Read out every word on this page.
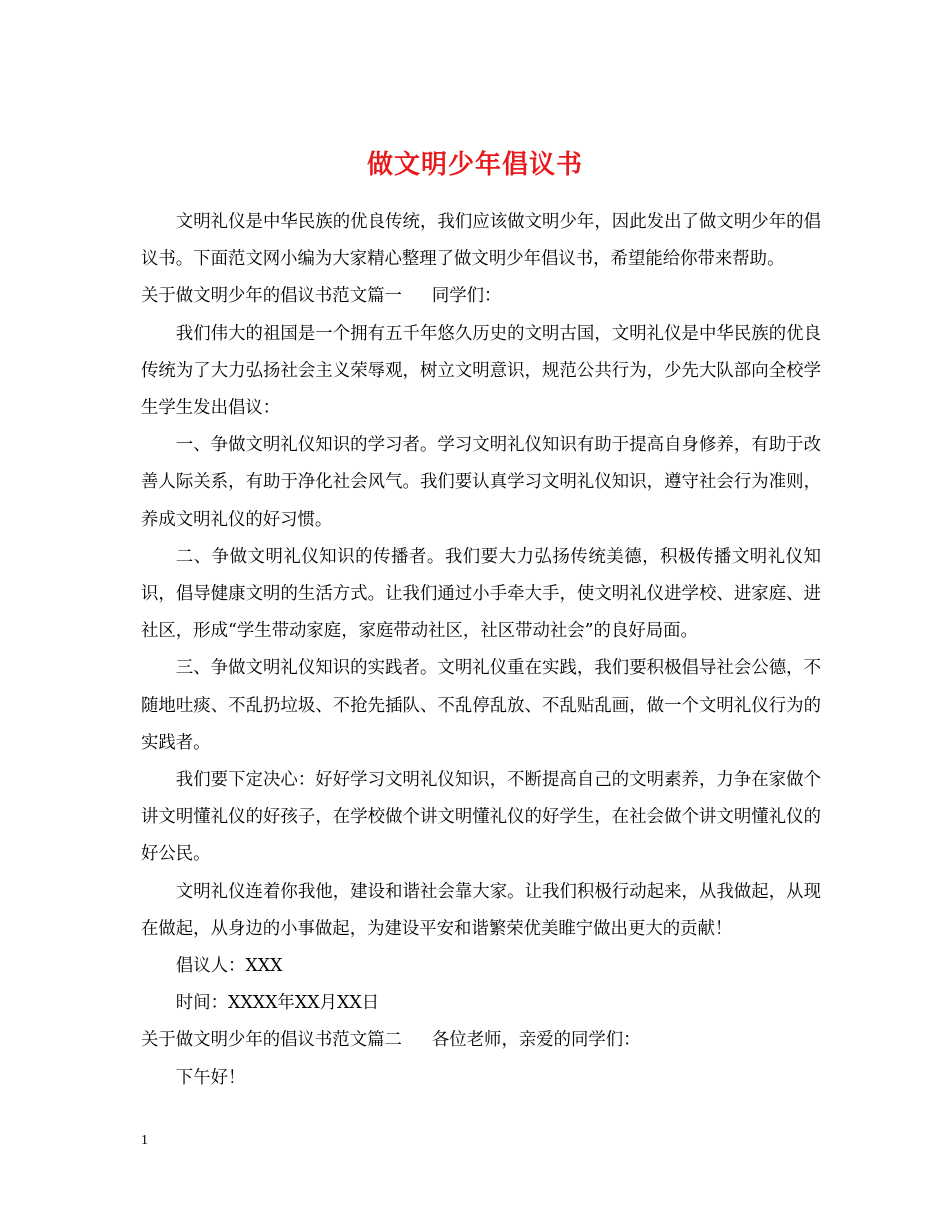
做文明少年倡议书

文明礼仪是中华民族的优良传统，我们应该做文明少年，因此发出了做文明少年的倡议书。下面范文网小编为大家精心整理了做文明少年倡议书，希望能给你带来帮助。

关于做文明少年的倡议书范文篇一 同学们：

我们伟大的祖国是一个拥有五千年悠久历史的文明古国，文明礼仪是中华民族的优良传统为了大力弘扬社会主义荣辱观，树立文明意识，规范公共行为，少先大队部向全校学生学生发出倡议：

一、争做文明礼仪知识的学习者。学习文明礼仪知识有助于提高自身修养，有助于改善人际关系，有助于净化社会风气。我们要认真学习文明礼仪知识，遵守社会行为准则，养成文明礼仪的好习惯。

二、争做文明礼仪知识的传播者。我们要大力弘扬传统美德，积极传播文明礼仪知识，倡导健康文明的生活方式。让我们通过小手牵大手，使文明礼仪进学校、进家庭、进社区，形成“学生带动家庭，家庭带动社区，社区带动社会”的良好局面。

三、争做文明礼仪知识的实践者。文明礼仪重在实践，我们要积极倡导社会公德，不随地吐痰、不乱扔垃圾、不抢先插队、不乱停乱放、不乱贴乱画，做一个文明礼仪行为的实践者。

我们要下定决心：好好学习文明礼仪知识，不断提高自己的文明素养，力争在家做个讲文明懂礼仪的好孩子，在学校做个讲文明懂礼仪的好学生，在社会做个讲文明懂礼仪的好公民。

文明礼仪连着你我他，建设和谐社会靠大家。让我们积极行动起来，从我做起，从现在做起，从身边的小事做起，为建设平安和谐繁荣优美睢宁做出更大的贡献！

倡议人：XXX

时间：XXXX年XX月XX日

关于做文明少年的倡议书范文篇二 各位老师，亲爱的同学们：

下午好！

1
